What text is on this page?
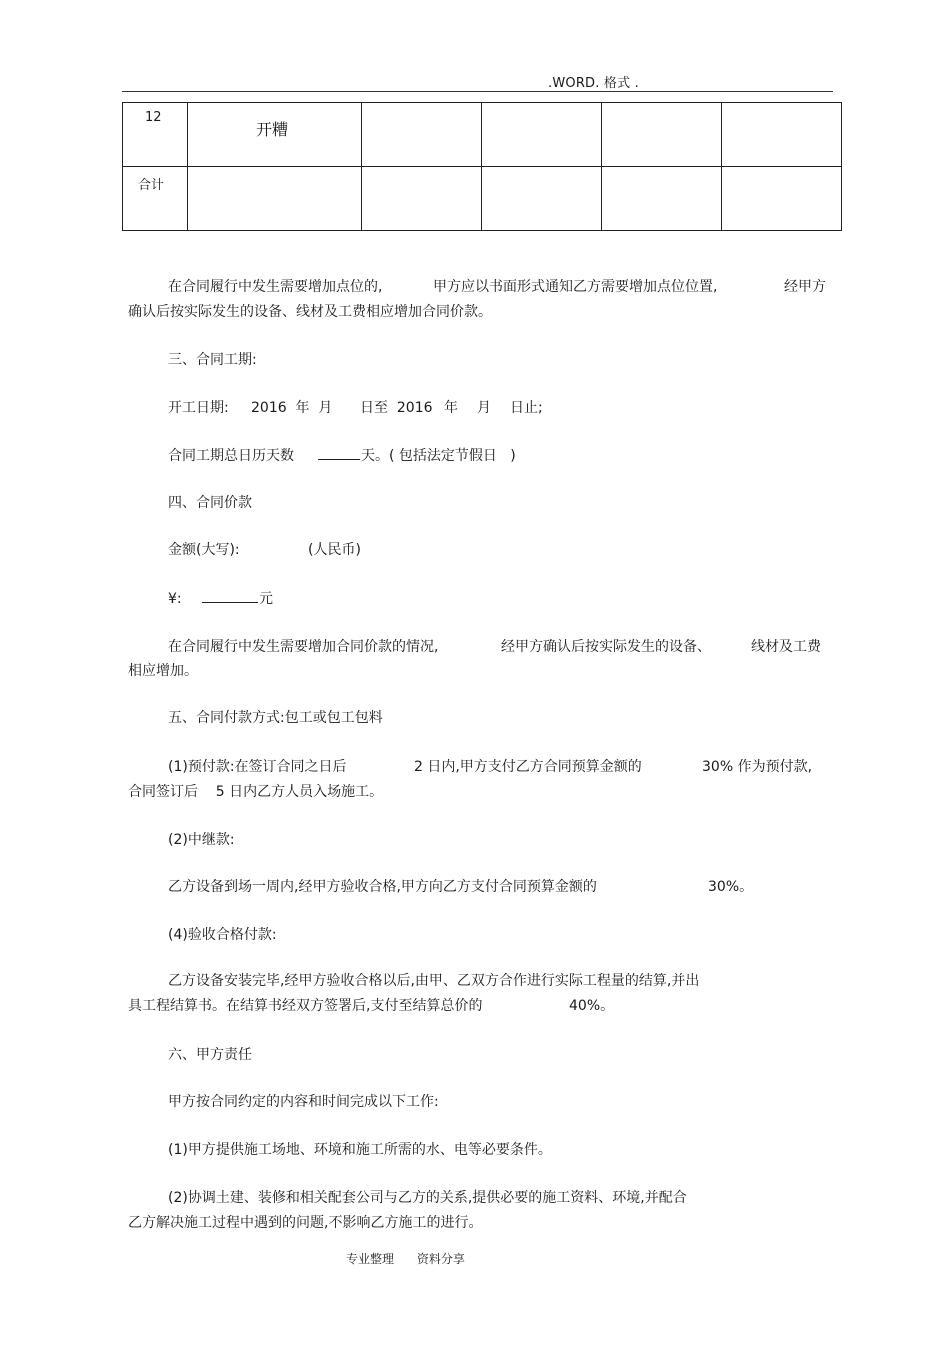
.WORD. 格式 .
12	开糟				
合计					
在合同履行中发生需要增加点位的,	甲方应以书面形式通知乙方需要增加点位位置,	经甲方
确认后按实际发生的设备、线材及工费相应增加合同价款。
三、合同工期:
开工日期: 2016  年  月 日至  2016 年 月 日止;
合同工期总日历天数	天。( 包括法定节假日   )
四、合同价款
金额(大写):	(人民币)
¥:	元
在合同履行中发生需要增加合同价款的情况,	经甲方确认后按实际发生的设备、	线材及工费
相应增加。
五、合同付款方式:包工或包工包料
(1)预付款:在签订合同之日后	2 日内,甲方支付乙方合同预算金额的	30% 作为预付款,
合同签订后    5 日内乙方人员入场施工。
(2)中继款:
乙方设备到场一周内,经甲方验收合格,甲方向乙方支付合同预算金额的	30%。
(4)验收合格付款:
乙方设备安装完毕,经甲方验收合格以后,由甲、乙双方合作进行实际工程量的结算,并出
具工程结算书。在结算书经双方签署后,支付至结算总价的	40%。
六、甲方责任
甲方按合同约定的内容和时间完成以下工作:
(1)甲方提供施工场地、环境和施工所需的水、电等必要条件。
(2)协调土建、装修和相关配套公司与乙方的关系,提供必要的施工资料、环境,并配合
乙方解决施工过程中遇到的问题,不影响乙方施工的进行。
专业整理      资料分享
